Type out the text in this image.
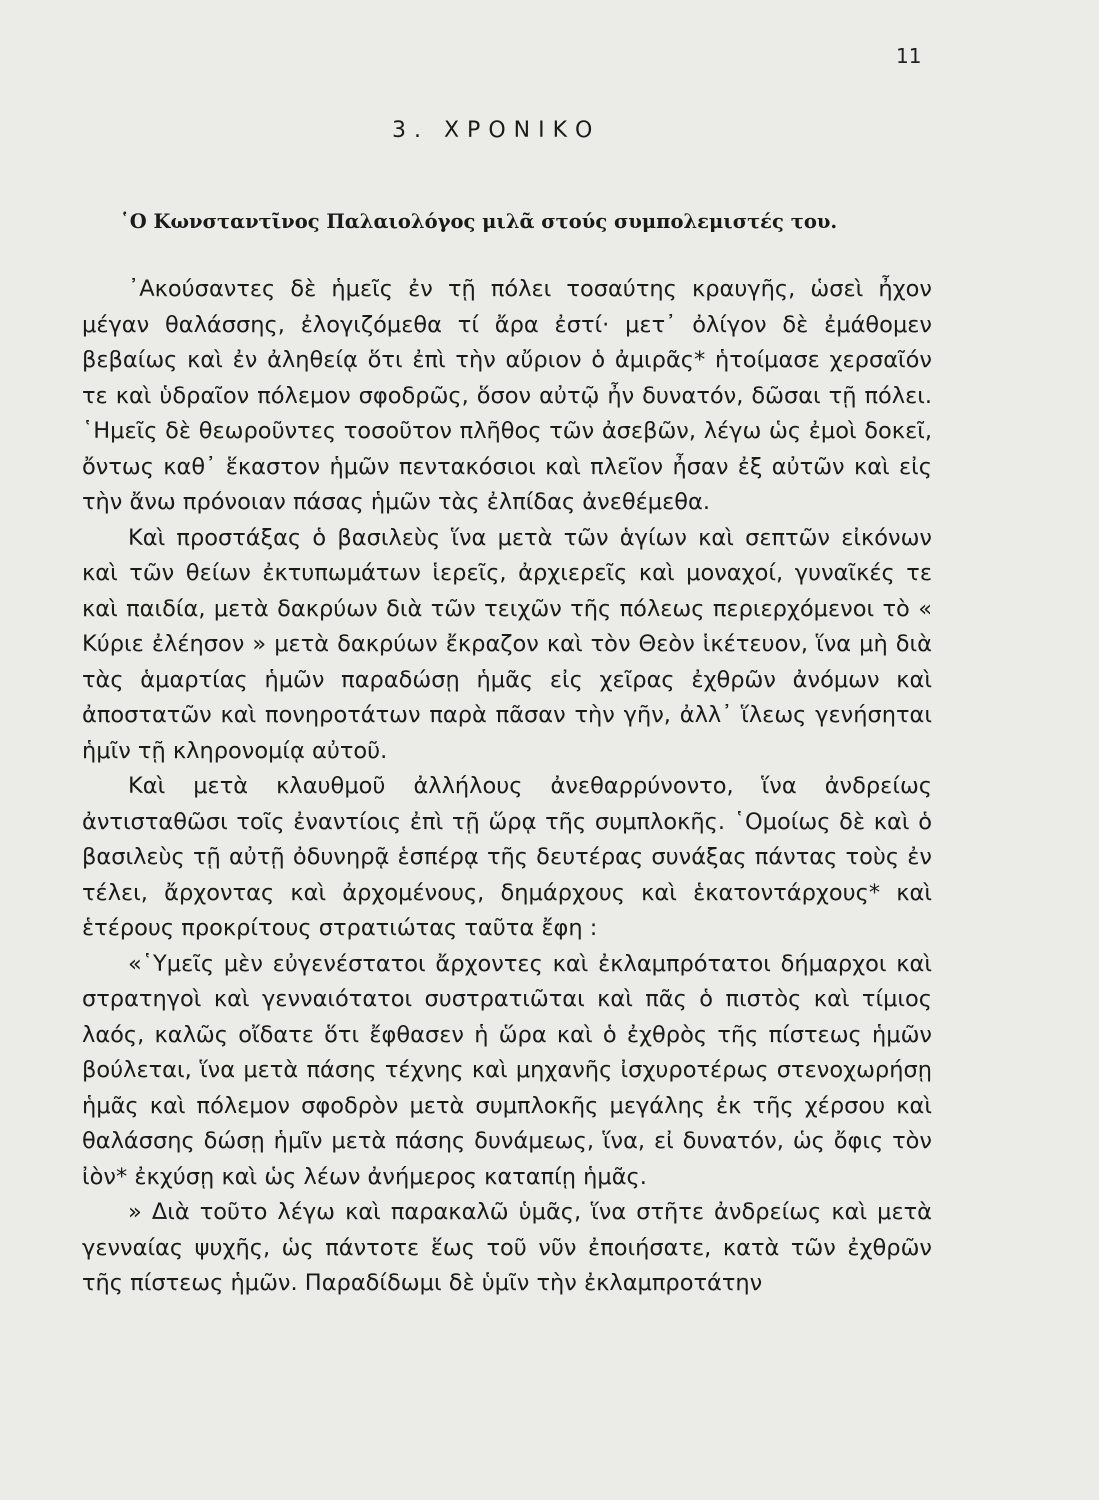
11
3. ΧΡΟΝΙΚΟ
῾Ο Κωνσταντῖνος Παλαιολόγος μιλᾶ στούς συμπολεμιστές του.

᾿Ακούσαντες δὲ ἡμεῖς ἐν τῇ πόλει τοσαύτης κραυγῆς, ὡσεὶ ἦχον μέγαν θαλάσσης, ἐλογιζόμεθα τί ἄρα ἐστί· μετ᾿ ὀλίγον δὲ ἐμάθομεν βεβαίως καὶ ἐν ἀληθείᾳ ὅτι ἐπὶ τὴν αὔριον ὁ ἀμιρᾶς* ἡτοίμασε χερσαῖόν τε καὶ ὑδραῖον πόλεμον σφοδρῶς, ὅσον αὐτῷ ἦν δυνατόν, δῶσαι τῇ πόλει. ῾Ημεῖς δὲ θεωροῦντες τοσοῦτον πλῆθος τῶν ἀσεβῶν, λέγω ὡς ἐμοὶ δοκεῖ, ὄντως καθ᾿ ἕκαστον ἡμῶν πεντακόσιοι καὶ πλεῖον ἦσαν ἐξ αὐτῶν καὶ εἰς τὴν ἄνω πρόνοιαν πάσας ἡμῶν τὰς ἐλπίδας ἀνεθέμεθα.

Καὶ προστάξας ὁ βασιλεὺς ἵνα μετὰ τῶν ἁγίων καὶ σεπτῶν εἰκόνων καὶ τῶν θείων ἐκτυπωμάτων ἱερεῖς, ἀρχιερεῖς καὶ μοναχοί, γυναῖκές τε καὶ παιδία, μετὰ δακρύων διὰ τῶν τειχῶν τῆς πόλεως περιερχόμενοι τὸ « Κύριε ἐλέησον » μετὰ δακρύων ἔκραζον καὶ τὸν Θεὸν ἱκέτευον, ἵνα μὴ διὰ τὰς ἁμαρτίας ἡμῶν παραδώσῃ ἡμᾶς εἰς χεῖρας ἐχθρῶν ἀνόμων καὶ ἀποστατῶν καὶ πονηροτάτων παρὰ πᾶσαν τὴν γῆν, ἀλλ᾿ ἵλεως γενήσηται ἡμῖν τῇ κληρονομίᾳ αὐτοῦ.

Καὶ μετὰ κλαυθμοῦ ἀλλήλους ἀνεθαρρύνοντο, ἵνα ἀνδρείως ἀντισταθῶσι τοῖς ἐναντίοις ἐπὶ τῇ ὥρᾳ τῆς συμπλοκῆς. ῾Ομοίως δὲ καὶ ὁ βασιλεὺς τῇ αὐτῇ ὀδυνηρᾷ ἑσπέρᾳ τῆς δευτέρας συνάξας πάντας τοὺς ἐν τέλει, ἄρχοντας καὶ ἀρχομένους, δημάρχους καὶ ἑκατοντάρχους* καὶ ἑτέρους προκρίτους στρατιώτας ταῦτα ἔφη :

«῾Υμεῖς μὲν εὐγενέστατοι ἄρχοντες καὶ ἐκλαμπρότατοι δήμαρχοι καὶ στρατηγοὶ καὶ γενναιότατοι συστρατιῶται καὶ πᾶς ὁ πιστὸς καὶ τίμιος λαός, καλῶς οἴδατε ὅτι ἔφθασεν ἡ ὥρα καὶ ὁ ἐχθρὸς τῆς πίστεως ἡμῶν βούλεται, ἵνα μετὰ πάσης τέχνης καὶ μηχανῆς ἰσχυροτέρως στενοχωρήσῃ ἡμᾶς καὶ πόλεμον σφοδρὸν μετὰ συμπλοκῆς μεγάλης ἐκ τῆς χέρσου καὶ θαλάσσης δώσῃ ἡμῖν μετὰ πάσης δυνάμεως, ἵνα, εἰ δυνατόν, ὡς ὄφις τὸν ἰὸν* ἐκχύσῃ καὶ ὡς λέων ἀνήμερος καταπίῃ ἡμᾶς.

» Διὰ τοῦτο λέγω καὶ παρακαλῶ ὑμᾶς, ἵνα στῆτε ἀνδρείως καὶ μετὰ γενναίας ψυχῆς, ὡς πάντοτε ἕως τοῦ νῦν ἐποιήσατε, κατὰ τῶν ἐχθρῶν τῆς πίστεως ἡμῶν. Παραδίδωμι δὲ ὑμῖν τὴν ἐκλαμπροτάτην
